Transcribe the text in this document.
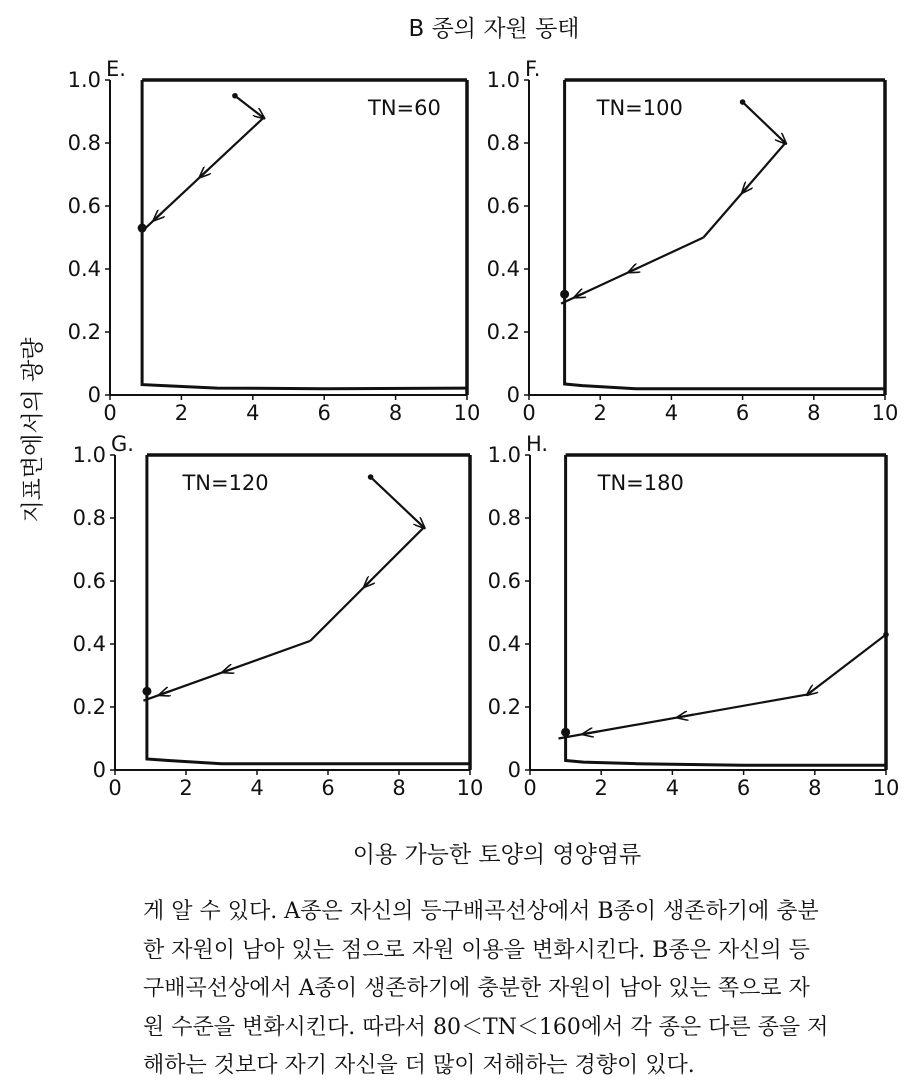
B 종의 자원 동태
지표면에서의 광량
이용 가능한 토양의 영양염류
0	2	4	6	8 10
0
0.2
0.4
0.6
0.8
1.0 E.
TN=60
0	2	4	6	8 10
0
0.2
0.4
0.6
0.8
1.0 F.
TN=100
0	2	4	6	8 10
0
0.2
0.4
0.6
0.8
1.0 G.
TN=120
0	2	4	6	8 10
0
0.2
0.4
0.6
0.8
1.0 H.
TN=180

게 알 수 있다. A종은 자신의 등구배곡선상에서 B종이 생존하기에 충분

한 자원이 남아 있는 점으로 자원 이용을 변화시킨다. B종은 자신의 등

구배곡선상에서 A종이 생존하기에 충분한 자원이 남아 있는 쪽으로 자

원 수준을 변화시킨다. 따라서 80＜TN＜160에서 각 종은 다른 종을 저

해하는 것보다 자기 자신을 더 많이 저해하는 경향이 있다.
